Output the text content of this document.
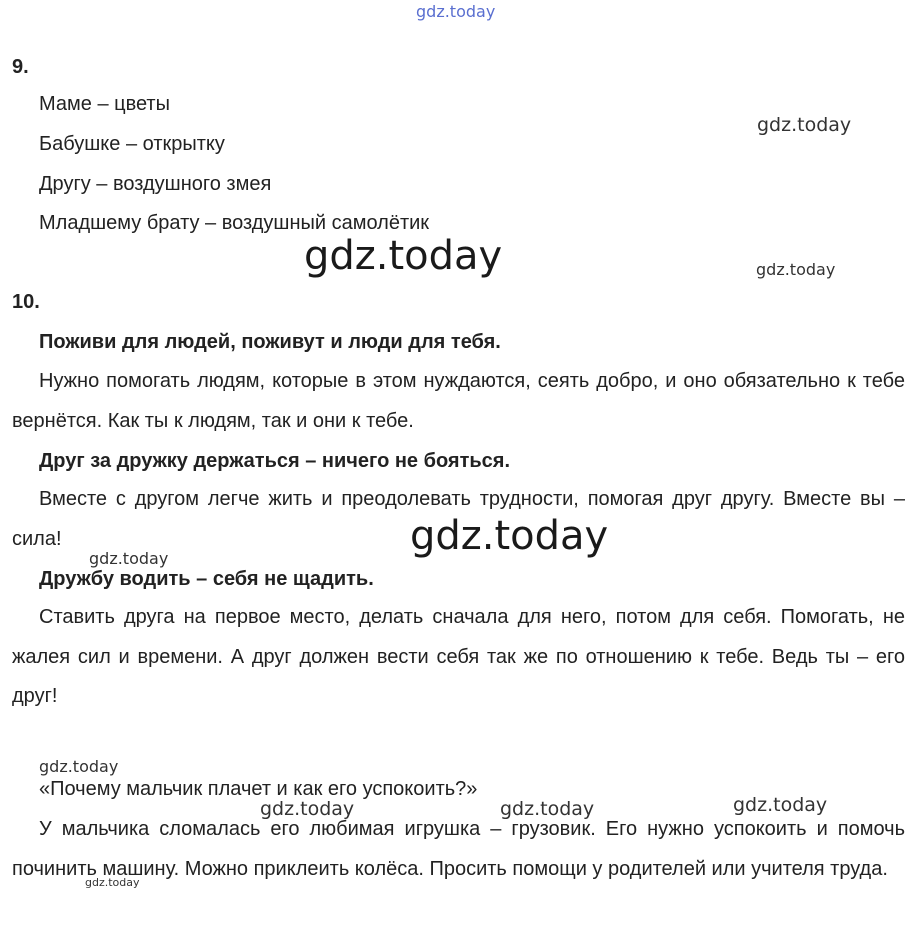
9.
Маме – цветы
Бабушке – открытку
Другу – воздушного змея
Младшему брату – воздушный самолётик
10.
Поживи для людей, поживут и люди для тебя.

Нужно помогать людям, которые в этом нуждаются, сеять добро, и оно обязательно к тебе вернётся. Как ты к людям, так и они к тебе.

Друг за дружку держаться – ничего не бояться.

Вместе с другом легче жить и преодолевать трудности, помогая друг другу. Вместе вы – сила!

Дружбу водить – себя не щадить.

Ставить друга на первое место, делать сначала для него, потом для себя. Помогать, не жалея сил и времени. А друг должен вести себя так же по отношению к тебе. Ведь ты – его друг!

«Почему мальчик плачет и как его успокоить?»

У мальчика сломалась его любимая игрушка – грузовик. Его нужно успокоить и помочь починить машину. Можно приклеить колёса. Просить помощи у родителей или учителя труда.

gdz.today
gdz.today
gdz.today	gdz.today
gdz.today
gdz.today
gdz.today
gdz.today	gdz.today	gdz.today
gdz.today
